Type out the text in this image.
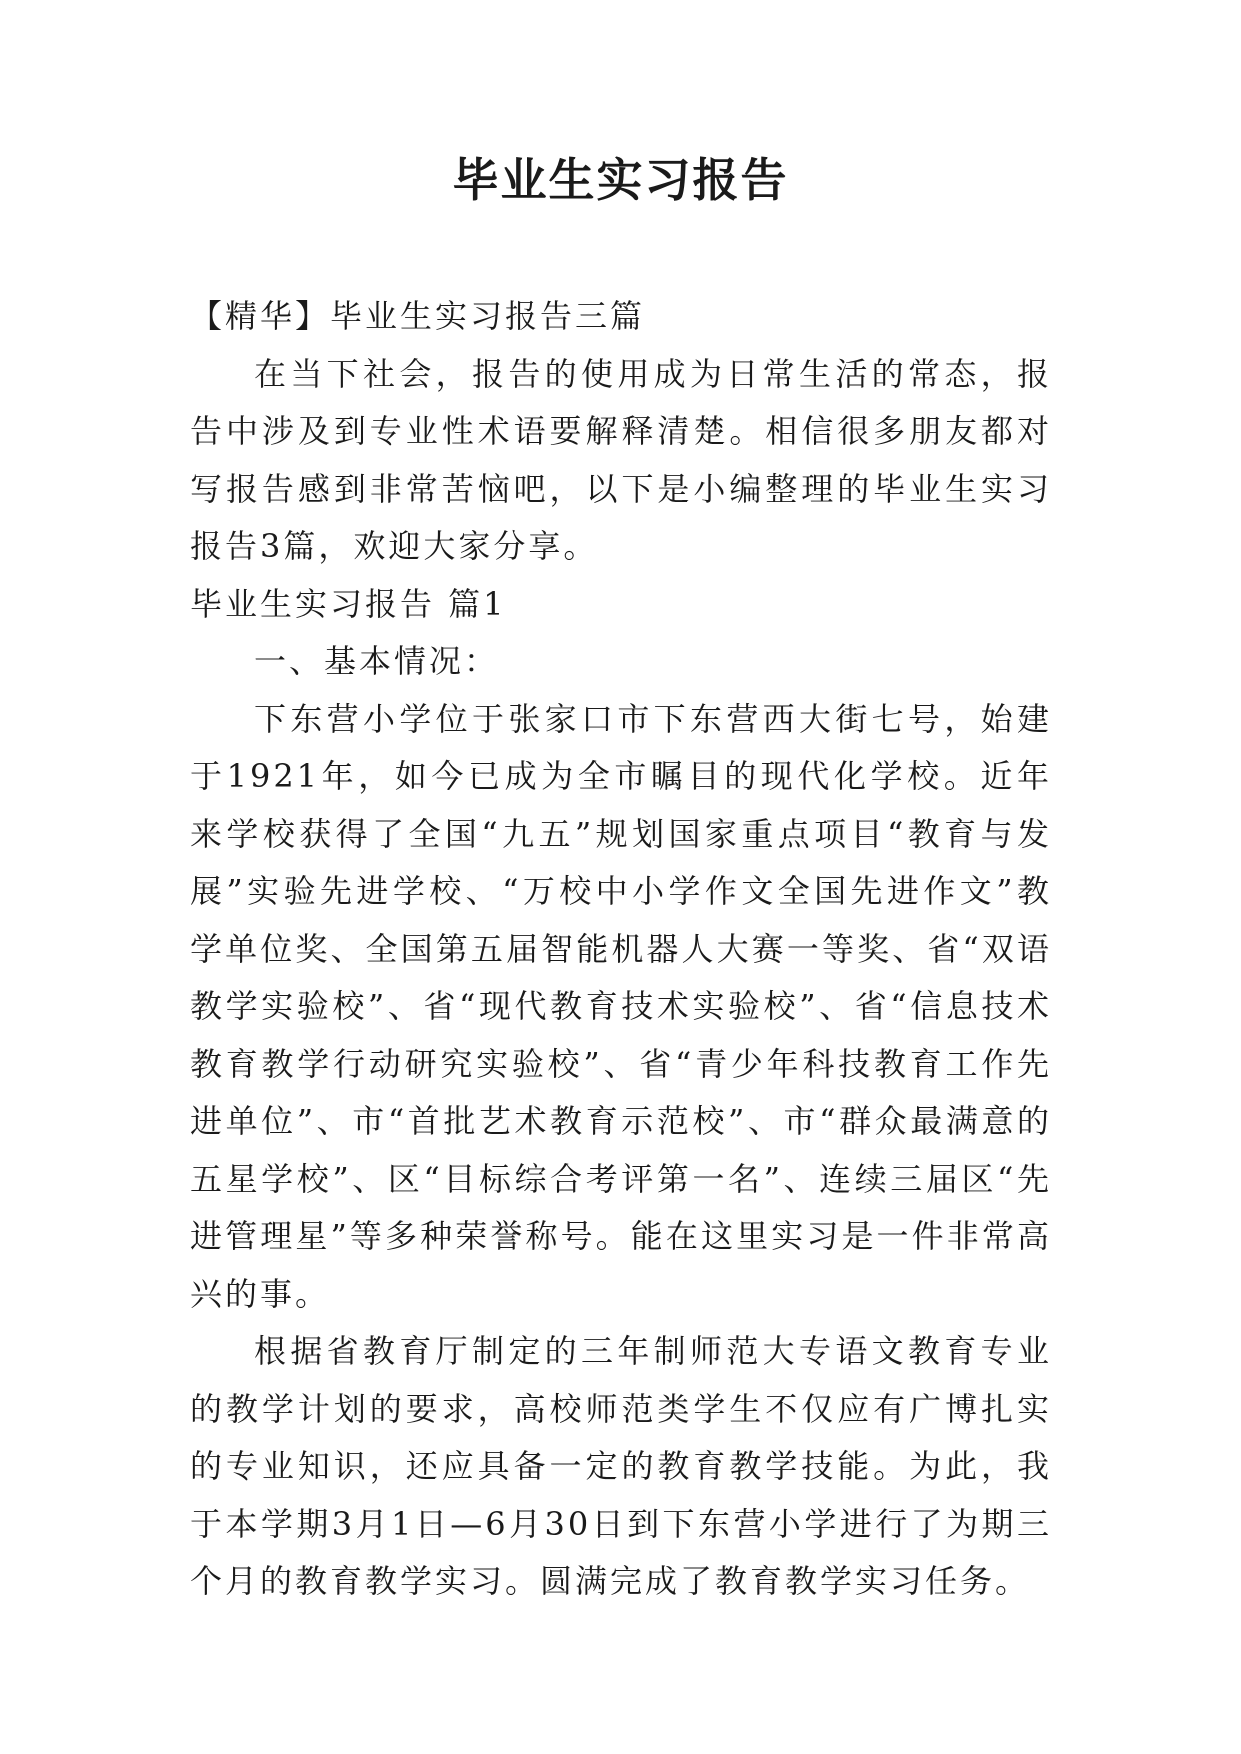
毕业生实习报告

【精华】毕业生实习报告三篇

在当下社会，报告的使用成为日常生活的常态，报告中涉及到专业性术语要解释清楚。相信很多朋友都对写报告感到非常苦恼吧，以下是小编整理的毕业生实习报告3篇，欢迎大家分享。

毕业生实习报告 篇1

一、基本情况：

下东营小学位于张家口市下东营西大街七号，始建于1921年，如今已成为全市瞩目的现代化学校。近年来学校获得了全国“九五”规划国家重点项目“教育与发展”实验先进学校、“万校中小学作文全国先进作文”教学单位奖、全国第五届智能机器人大赛一等奖、省“双语教学实验校”、省“现代教育技术实验校”、省“信息技术教育教学行动研究实验校”、省“青少年科技教育工作先进单位”、市“首批艺术教育示范校”、市“群众最满意的五星学校”、区“目标综合考评第一名”、连续三届区“先进管理星”等多种荣誉称号。能在这里实习是一件非常高兴的事。

根据省教育厅制定的三年制师范大专语文教育专业的教学计划的要求，高校师范类学生不仅应有广博扎实的专业知识，还应具备一定的教育教学技能。为此，我于本学期3月1日—6月30日到下东营小学进行了为期三个月的教育教学实习。圆满完成了教育教学实习任务。
